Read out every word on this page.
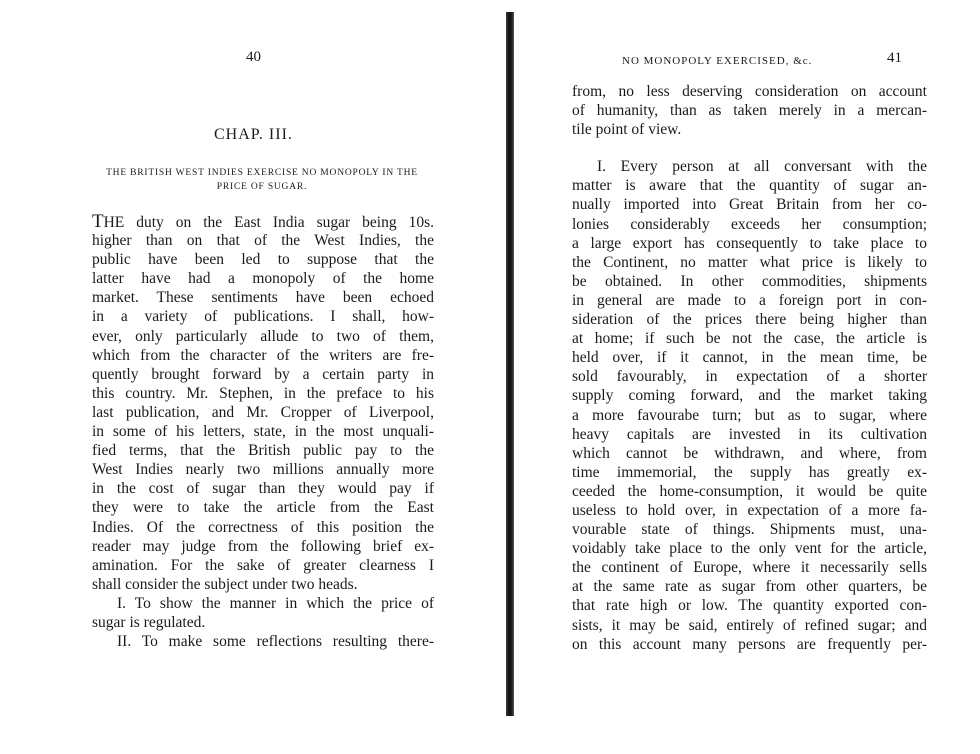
40
CHAP. III.
THE BRITISH WEST INDIES EXERCISE NO MONOPOLY IN THE PRICE OF SUGAR.
THE duty on the East India sugar being 10s.
higher than on that of the West Indies, the
public have been led to suppose that the
latter have had a monopoly of the home
market. These sentiments have been echoed
in a variety of publications. I shall, how-
ever, only particularly allude to two of them,
which from the character of the writers are fre-
quently brought forward by a certain party in
this country. Mr. Stephen, in the preface to his
last publication, and Mr. Cropper of Liverpool,
in some of his letters, state, in the most unquali-
fied terms, that the British public pay to the
West Indies nearly two millions annually more
in the cost of sugar than they would pay if
they were to take the article from the East
Indies. Of the correctness of this position the
reader may judge from the following brief ex-
amination. For the sake of greater clearness I
shall consider the subject under two heads.
I. To show the manner in which the price of
sugar is regulated.
II. To make some reflections resulting there-
NO MONOPOLY EXERCISED, &c.	41
from, no less deserving consideration on account
of humanity, than as taken merely in a mercan-
tile point of view.
I. Every person at all conversant with the
matter is aware that the quantity of sugar an-
nually imported into Great Britain from her co-
lonies considerably exceeds her consumption;
a large export has consequently to take place to
the Continent, no matter what price is likely to
be obtained. In other commodities, shipments
in general are made to a foreign port in con-
sideration of the prices there being higher than
at home; if such be not the case, the article is
held over, if it cannot, in the mean time, be
sold favourably, in expectation of a shorter
supply coming forward, and the market taking
a more favourabe turn; but as to sugar, where
heavy capitals are invested in its cultivation
which cannot be withdrawn, and where, from
time immemorial, the supply has greatly ex-
ceeded the home-consumption, it would be quite
useless to hold over, in expectation of a more fa-
vourable state of things. Shipments must, una-
voidably take place to the only vent for the article,
the continent of Europe, where it necessarily sells
at the same rate as sugar from other quarters, be
that rate high or low. The quantity exported con-
sists, it may be said, entirely of refined sugar; and
on this account many persons are frequently per-
